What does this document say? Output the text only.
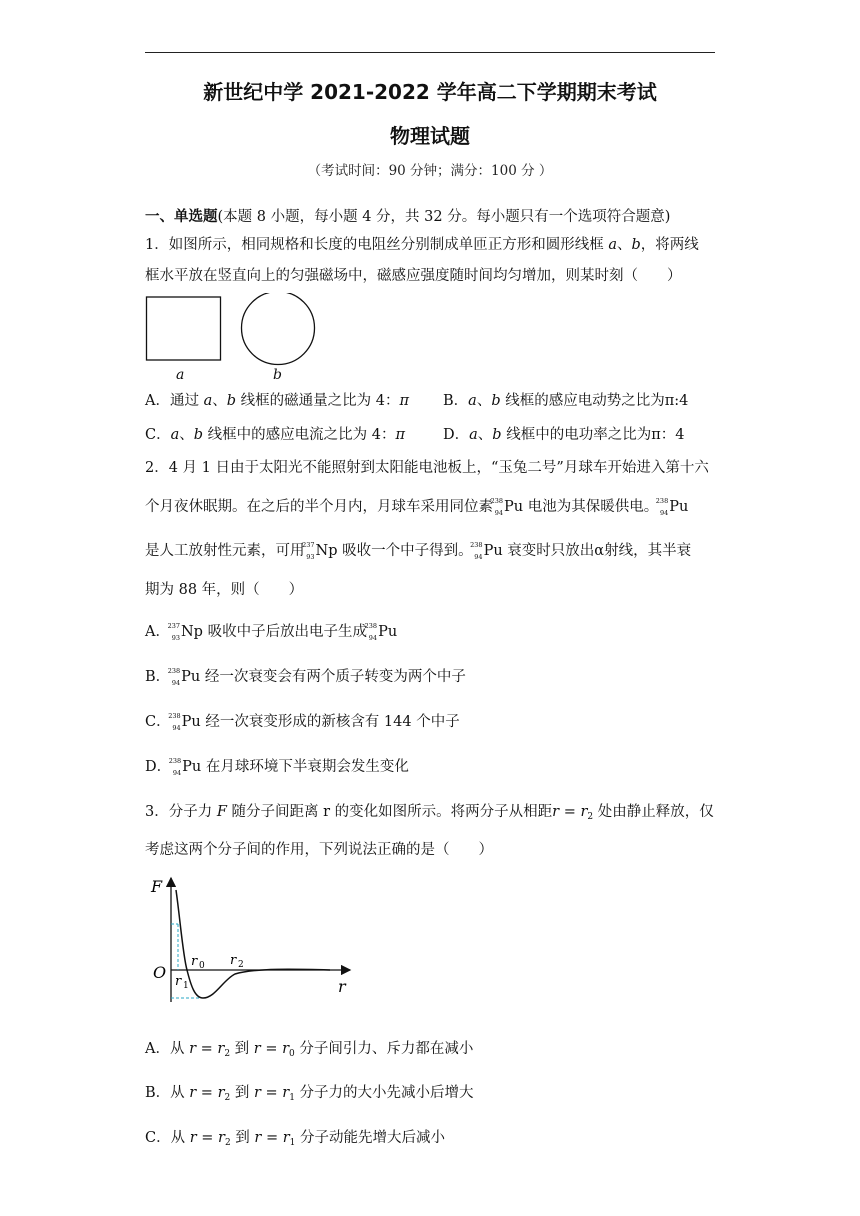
新世纪中学 2021-2022 学年高二下学期期末考试
物理试题
（考试时间：90 分钟；满分：100 分 ）
一、单选题(本题 8 小题，每小题 4 分，共 32 分。每小题只有一个选项符合题意)
1．如图所示，相同规格和长度的电阻丝分别制成单匝正方形和圆形线框 a、b，将两线
框水平放在竖直向上的匀强磁场中，磁感应强度随时间均匀增加，则某时刻（　　）
a	b
A．通过 a、b 线框的磁通量之比为 4：π B．a、b 线框的感应电动势之比为π:4
C．a、b 线框中的感应电流之比为 4：π	D．a、b 线框中的电功率之比为π：4
2．4 月 1 日由于太阳光不能照射到太阳能电池板上，“玉兔二号”月球车开始进入第十六
个月夜休眠期。在之后的半个月内，月球车采用同位素
238
94 Pu 电池为其保暖供电。
238
94 Pu
是人工放射性元素，可用
237
93 Np 吸收一个中子得到。
238
94 Pu 衰变时只放出α射线，其半衰
期为 88 年，则（　　）
A．
237
93 Np 吸收中子后放出电子生成
238
94 Pu
B．
238
94 Pu 经一次衰变会有两个质子转变为两个中子
C．
238
94 Pu 经一次衰变形成的新核含有 144 个中子
D．
238
94 Pu 在月球环境下半衰期会发生变化
3．分子力 F 随分子间距离 r 的变化如图所示。将两分子从相距$r = r_2$ 处由静止释放，仅
考虑这两个分子间的作用，下列说法正确的是（　　）
F
O
r
r 0 r 2
r 1
A．从 $r = r_2$ 到 $r = r_0$ 分子间引力、斥力都在减小
B．从 $r = r_2$ 到 $r = r_1$ 分子力的大小先减小后增大
C．从 $r = r_2$ 到 $r = r_1$ 分子动能先增大后减小
